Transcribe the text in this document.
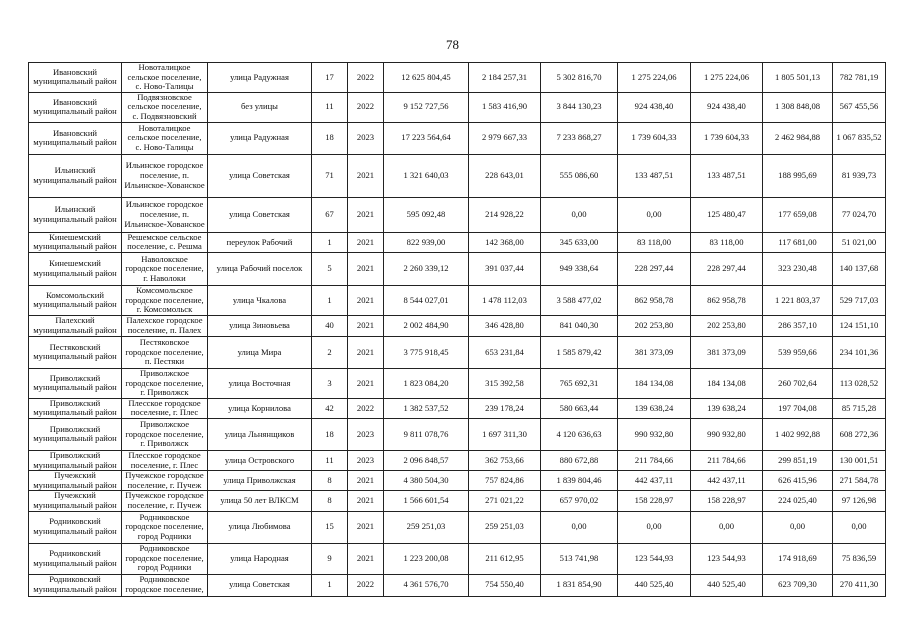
78
Ивановский муниципальный район	Новоталицкое сельское поселение, с. Ново-Талицы	улица Радужная	17	2022	12 625 804,45	2 184 257,31	5 302 816,70	1 275 224,06	1 275 224,06	1 805 501,13	782 781,19
Ивановский муниципальный район	Подвязновское сельское поселение, с. Подвязновский	без улицы	11	2022	9 152 727,56	1 583 416,90	3 844 130,23	924 438,40	924 438,40	1 308 848,08	567 455,56
Ивановский муниципальный район	Новоталицкое сельское поселение, с. Ново-Талицы	улица Радужная	18	2023	17 223 564,64	2 979 667,33	7 233 868,27	1 739 604,33	1 739 604,33	2 462 984,88	1 067 835,52
Ильинский муниципальный район	Ильинское городское поселение, п. Ильинское-Хованское	улица Советская	71	2021	1 321 640,03	228 643,01	555 086,60	133 487,51	133 487,51	188 995,69	81 939,73
Ильинский муниципальный район	Ильинское городское поселение, п. Ильинское-Хованское	улица Советская	67	2021	595 092,48	214 928,22	0,00	0,00	125 480,47	177 659,08	77 024,70
Кинешемский муниципальный район	Решемское сельское поселение, с. Решма	переулок Рабочий	1	2021	822 939,00	142 368,00	345 633,00	83 118,00	83 118,00	117 681,00	51 021,00
Кинешемский муниципальный район	Наволокское городское поселение, г. Наволоки	улица Рабочий поселок	5	2021	2 260 339,12	391 037,44	949 338,64	228 297,44	228 297,44	323 230,48	140 137,68
Комсомольский муниципальный район	Комсомольское городское поселение, г. Комсомольск	улица Чкалова	1	2021	8 544 027,01	1 478 112,03	3 588 477,02	862 958,78	862 958,78	1 221 803,37	529 717,03
Палехский муниципальный район	Палехское городское поселение, п. Палех	улица Зиновьева	40	2021	2 002 484,90	346 428,80	841 040,30	202 253,80	202 253,80	286 357,10	124 151,10
Пестяковский муниципальный район	Пестяковское городское поселение, п. Пестяки	улица Мира	2	2021	3 775 918,45	653 231,84	1 585 879,42	381 373,09	381 373,09	539 959,66	234 101,36
Приволжский муниципальный район	Приволжское городское поселение, г. Приволжск	улица Восточная	3	2021	1 823 084,20	315 392,58	765 692,31	184 134,08	184 134,08	260 702,64	113 028,52
Приволжский муниципальный район	Плесское городское поселение, г. Плес	улица Корнилова	42	2022	1 382 537,52	239 178,24	580 663,44	139 638,24	139 638,24	197 704,08	85 715,28
Приволжский муниципальный район	Приволжское городское поселение, г. Приволжск	улица Льнянщиков	18	2023	9 811 078,76	1 697 311,30	4 120 636,63	990 932,80	990 932,80	1 402 992,88	608 272,36
Приволжский муниципальный район	Плесское городское поселение, г. Плес	улица Островского	11	2023	2 096 848,57	362 753,66	880 672,88	211 784,66	211 784,66	299 851,19	130 001,51
Пучежский муниципальный район	Пучежское городское поселение, г. Пучеж	улица Приволжская	8	2021	4 380 504,30	757 824,86	1 839 804,46	442 437,11	442 437,11	626 415,96	271 584,78
Пучежский муниципальный район	Пучежское городское поселение, г. Пучеж	улица 50 лет ВЛКСМ	8	2021	1 566 601,54	271 021,22	657 970,02	158 228,97	158 228,97	224 025,40	97 126,98
Родниковский муниципальный район	Родниковское городское поселение, город Родники	улица Любимова	15	2021	259 251,03	259 251,03	0,00	0,00	0,00	0,00	0,00
Родниковский муниципальный район	Родниковское городское поселение, город Родники	улица Народная	9	2021	1 223 200,08	211 612,95	513 741,98	123 544,93	123 544,93	174 918,69	75 836,59
Родниковский муниципальный район	Родниковское городское поселение,	улица Советская	1	2022	4 361 576,70	754 550,40	1 831 854,90	440 525,40	440 525,40	623 709,30	270 411,30
